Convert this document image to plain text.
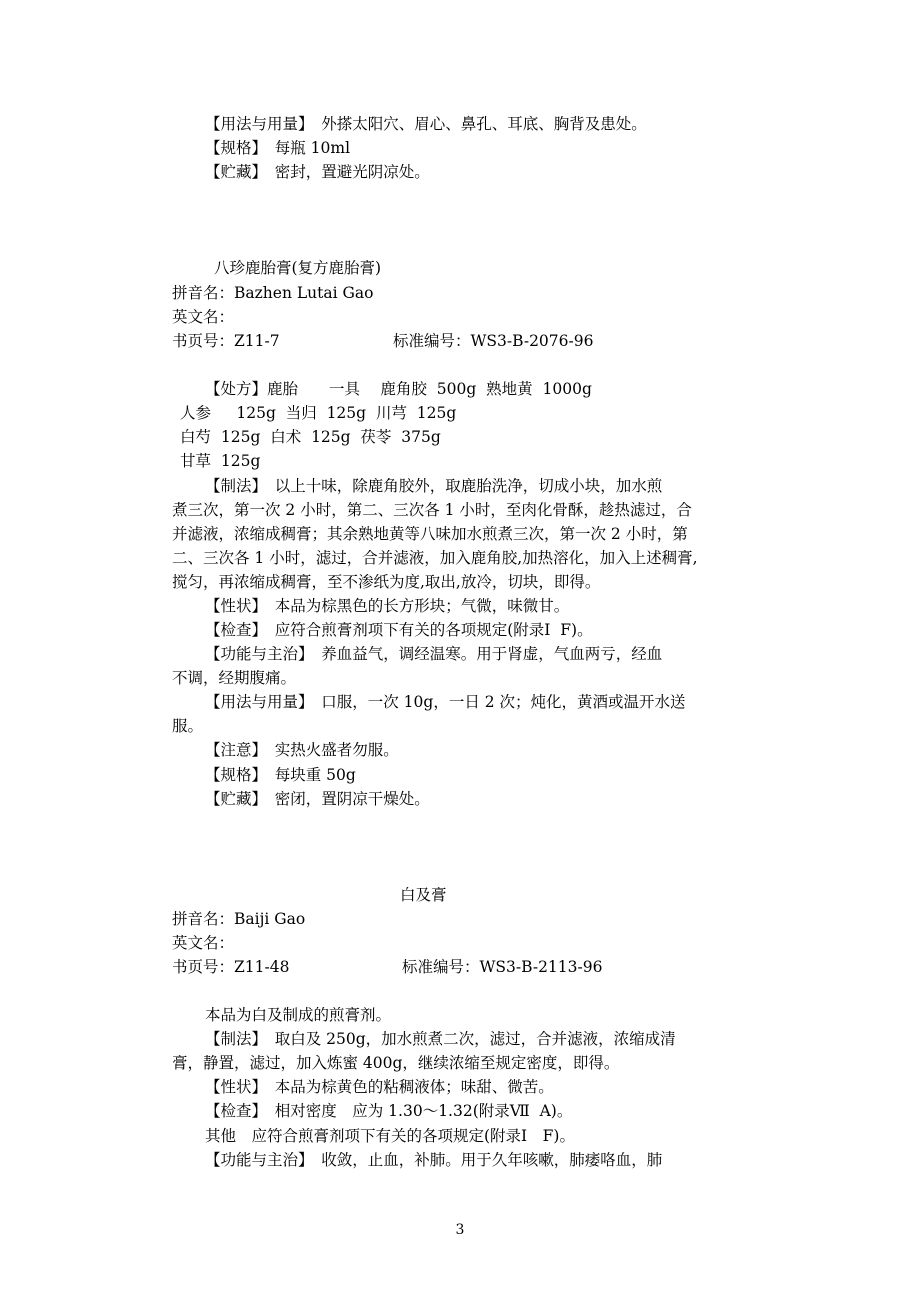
【用法与用量】　外搽太阳穴、眉心、鼻孔、耳底、胸背及患处。

【规格】　每瓶 10ml

【贮藏】　密封，置避光阴凉处。

八珍鹿胎膏(复方鹿胎膏)

拼音名：Bazhen Lutai Gao

英文名：

书页号：Z11-7	标准编号：WS3-B-2076-96

【处方】鹿胎　　一具　 鹿角胶  500g  熟地黄  1000g

人参　  125g  当归  125g  川芎  125g

白芍  125g  白术  125g  茯苓  375g

甘草  125g

【制法】　以上十味，除鹿角胶外，取鹿胎洗净，切成小块，加水煎

煮三次，第一次 2 小时，第二、三次各 1 小时，至肉化骨酥，趁热滤过，合

并滤液，浓缩成稠膏；其余熟地黄等八味加水煎煮三次，第一次 2 小时，第

二、三次各 1 小时，滤过，合并滤液，加入鹿角胶,加热溶化，加入上述稠膏,

搅匀，再浓缩成稠膏，至不渗纸为度,取出,放冷，切块，即得。

【性状】　本品为棕黑色的长方形块；气微，味微甘。

【检查】　应符合煎膏剂项下有关的各项规定(附录Ⅰ  F)。

【功能与主治】　养血益气，调经温寒。用于肾虚，气血两亏，经血

不调，经期腹痛。

【用法与用量】　口服，一次 10g，一日 2 次；炖化，黄酒或温开水送

服。

【注意】　实热火盛者勿服。

【规格】　每块重 50g

【贮藏】　密闭，置阴凉干燥处。

白及膏

拼音名：Baiji Gao

英文名：

书页号：Z11-48	标准编号：WS3-B-2113-96

本品为白及制成的煎膏剂。

【制法】　取白及 250g，加水煎煮二次，滤过，合并滤液，浓缩成清

膏，静置，滤过，加入炼蜜 400g，继续浓缩至规定密度，即得。

【性状】　本品为棕黄色的粘稠液体；味甜、微苦。

【检查】　相对密度　应为 1.30～1.32(附录Ⅶ  A)。

其他　应符合煎膏剂项下有关的各项规定(附录Ⅰ　F)。

【功能与主治】　收敛，止血，补肺。用于久年咳嗽，肺痿咯血，肺

3
